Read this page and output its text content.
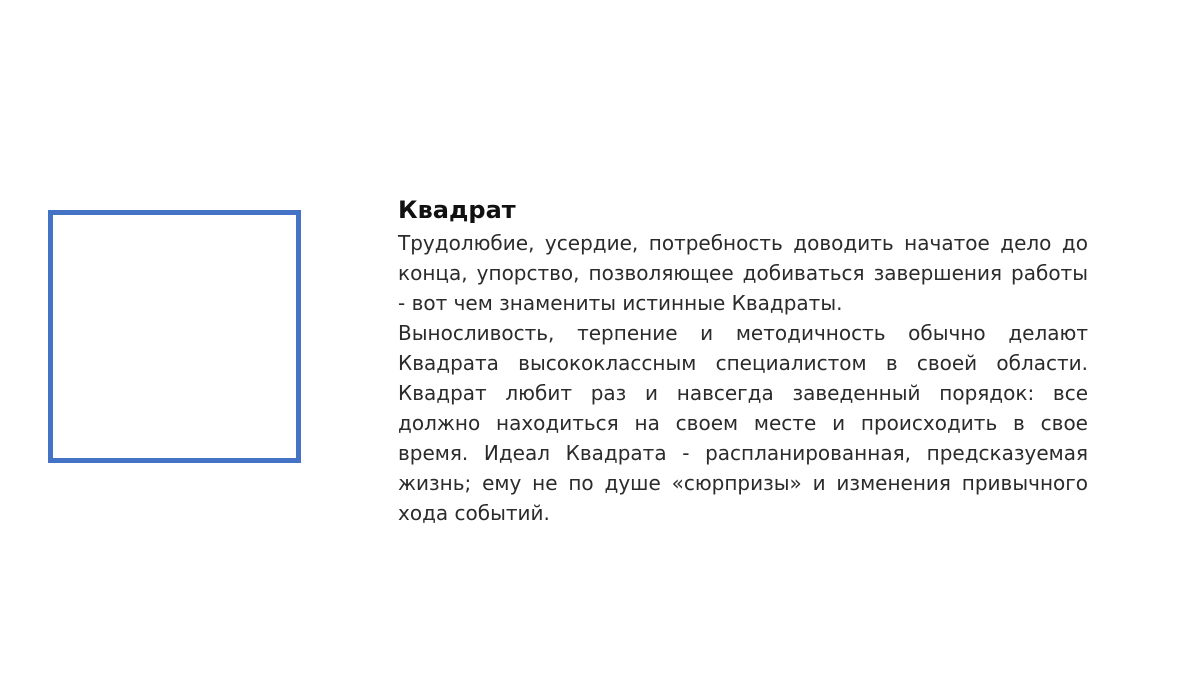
Квадрат

Трудолюбие, усердие, потребность доводить начатое дело до конца, упорство, позволяющее добиваться завершения работы - вот чем знамениты истинные Квадраты.

Выносливость, терпение и методичность обычно делают Квадрата высококлассным специалистом в своей области. Квадрат любит раз и навсегда заведенный порядок: все должно находиться на своем месте и происходить в свое время. Идеал Квадрата - распланированная, предсказуемая жизнь; ему не по душе «сюрпризы» и изменения привычного хода событий.
